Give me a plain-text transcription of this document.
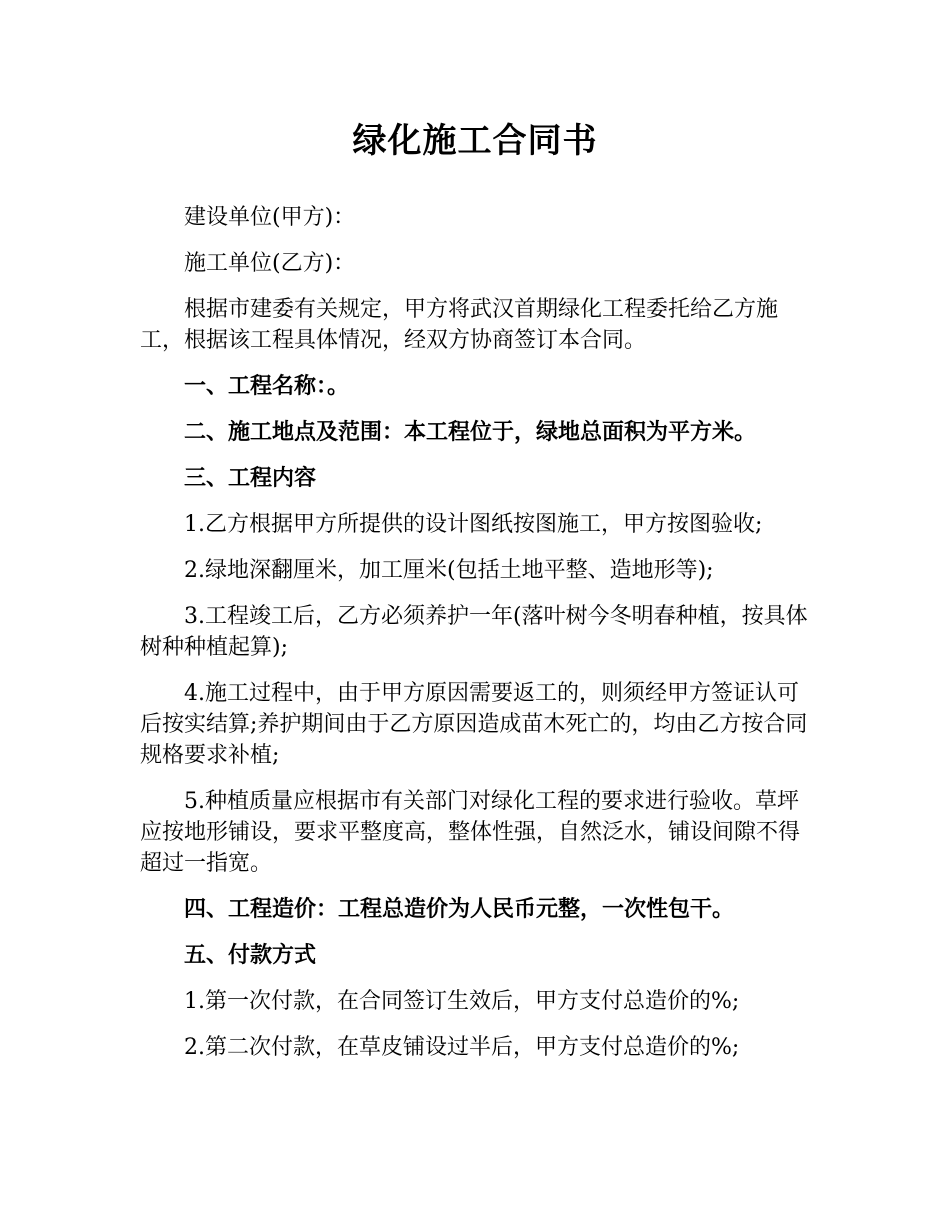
绿化施工合同书

建设单位(甲方)：

施工单位(乙方)：

根据市建委有关规定，甲方将武汉首期绿化工程委托给乙方施工，根据该工程具体情况，经双方协商签订本合同。

一、工程名称：。

二、施工地点及范围：本工程位于，绿地总面积为平方米。

三、工程内容

1.乙方根据甲方所提供的设计图纸按图施工，甲方按图验收;

2.绿地深翻厘米，加工厘米(包括土地平整、造地形等);

3.工程竣工后，乙方必须养护一年(落叶树今冬明春种植，按具体树种种植起算);

4.施工过程中，由于甲方原因需要返工的，则须经甲方签证认可后按实结算;养护期间由于乙方原因造成苗木死亡的，均由乙方按合同规格要求补植;

5.种植质量应根据市有关部门对绿化工程的要求进行验收。草坪应按地形铺设，要求平整度高，整体性强，自然泛水，铺设间隙不得超过一指宽。

四、工程造价：工程总造价为人民币元整，一次性包干。

五、付款方式

1.第一次付款，在合同签订生效后，甲方支付总造价的%;

2.第二次付款，在草皮铺设过半后，甲方支付总造价的%;
